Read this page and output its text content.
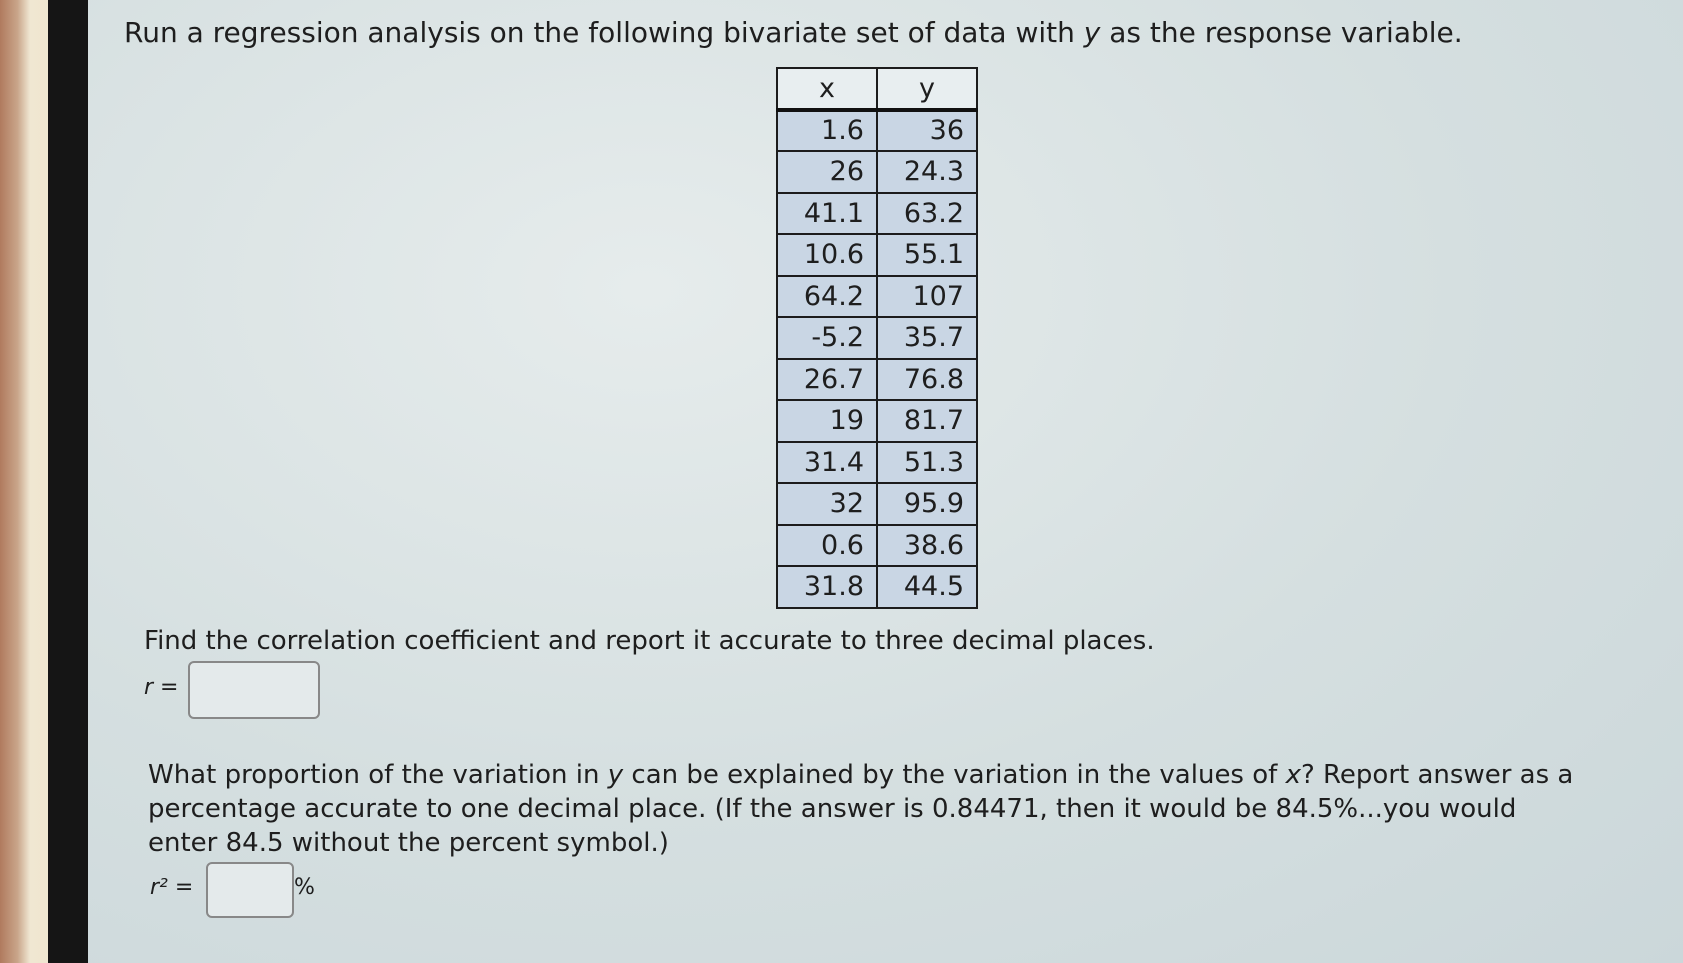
Run a regression analysis on the following bivariate set of data with y as the response variable.
x	y
1.6	36
26	24.3
41.1	63.2
10.6	55.1
64.2	107
-5.2	35.7
26.7	76.8
19	81.7
31.4	51.3
32	95.9
0.6	38.6
31.8	44.5
Find the correlation coefficient and report it accurate to three decimal places.
r =
What proportion of the variation in y can be explained by the variation in the values of x? Report answer as a
percentage accurate to one decimal place. (If the answer is 0.84471, then it would be 84.5%...you would
enter 84.5 without the percent symbol.)
r² =	%
